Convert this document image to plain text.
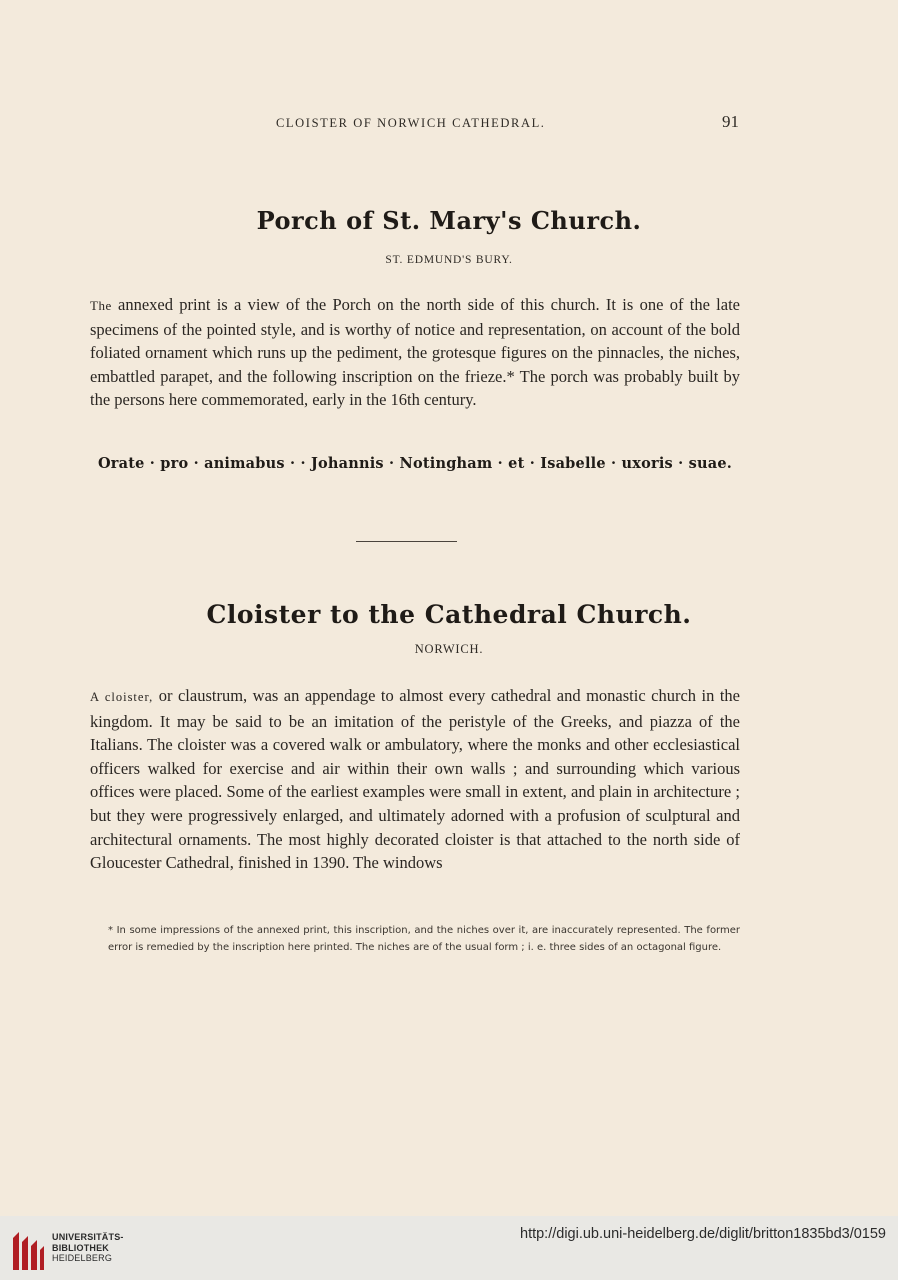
CLOISTER OF NORWICH CATHEDRAL.	91
Porch of St. Mary's Church.
ST. EDMUND'S BURY.
The annexed print is a view of the Porch on the north side of this church. It is one of the late specimens of the pointed style, and is worthy of notice and representation, on account of the bold foliated ornament which runs up the pediment, the grotesque figures on the pinnacles, the niches, embattled parapet, and the following inscription on the frieze.* The porch was probably built by the persons here commemorated, early in the 16th century.
Orate · pro · animabus · · Johannis · Notingham · et · Isabelle · uxoris · suae.
Cloister to the Cathedral Church.
NORWICH.
A cloister, or claustrum, was an appendage to almost every cathedral and monastic church in the kingdom. It may be said to be an imitation of the peristyle of the Greeks, and piazza of the Italians. The cloister was a covered walk or ambulatory, where the monks and other ecclesiastical officers walked for exercise and air within their own walls ; and surrounding which various offices were placed. Some of the earliest examples were small in extent, and plain in architecture ; but they were progressively enlarged, and ultimately adorned with a profusion of sculptural and architectural ornaments. The most highly decorated cloister is that attached to the north side of Gloucester Cathedral, finished in 1390. The windows
* In some impressions of the annexed print, this inscription, and the niches over it, are inaccurately represented. The former error is remedied by the inscription here printed. The niches are of the usual form ; i. e. three sides of an octagonal figure.
UNIVERSITÄTS-
BIBLIOTHEK
HEIDELBERG
http://digi.ub.uni-heidelberg.de/diglit/britton1835bd3/0159
